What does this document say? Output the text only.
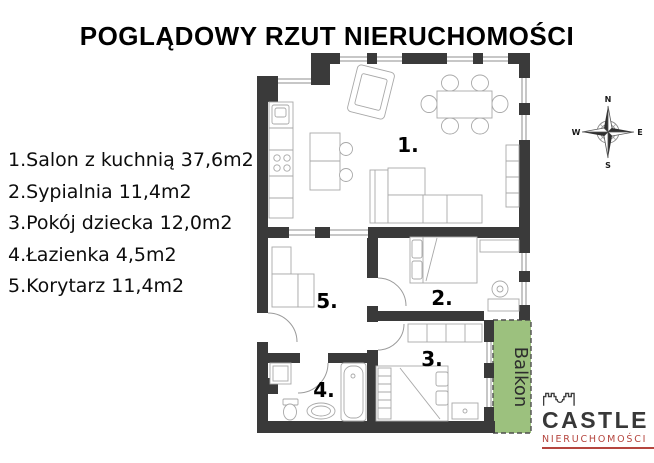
POGLĄDOWY RZUT NIERUCHOMOŚCI
1.Salon z kuchnią 37,6m2
2.Sypialnia 11,4m2
3.Pokój dziecka 12,0m2
4.Łazienka 4,5m2
5.Korytarz 11,4m2
Balkon
1.
2.
3.
4.
5.
N
E
S
W
CASTLE
NIERUCHOMOŚCI
